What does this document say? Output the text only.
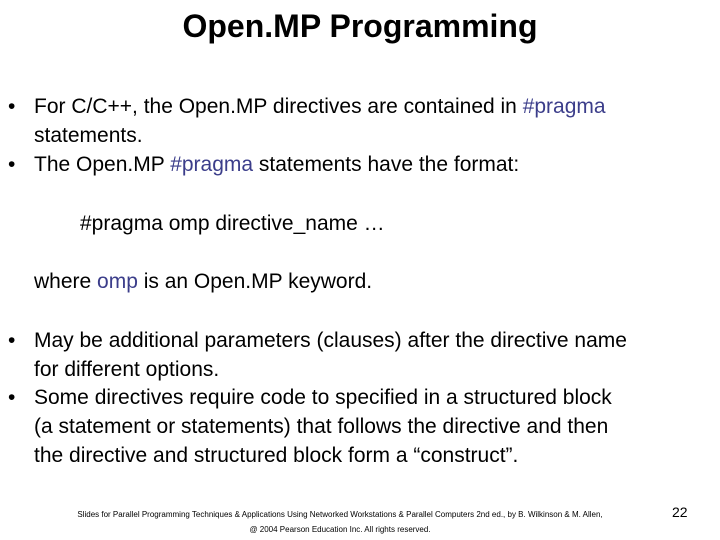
Open.MP Programming
• For C/C++, the Open.MP directives are contained in #pragma
statements.
• The Open.MP #pragma statements have the format:
#pragma omp directive_name …
where omp is an Open.MP keyword.
• May be additional parameters (clauses) after the directive name
for different options.
• Some directives require code to specified in a structured block
(a statement or statements) that follows the directive and then
the directive and structured block form a “construct”.
Slides for Parallel Programming Techniques & Applications Using Networked Workstations & Parallel Computers 2nd ed., by B. Wilkinson & M. Allen,
@ 2004 Pearson Education Inc. All rights reserved.
22
